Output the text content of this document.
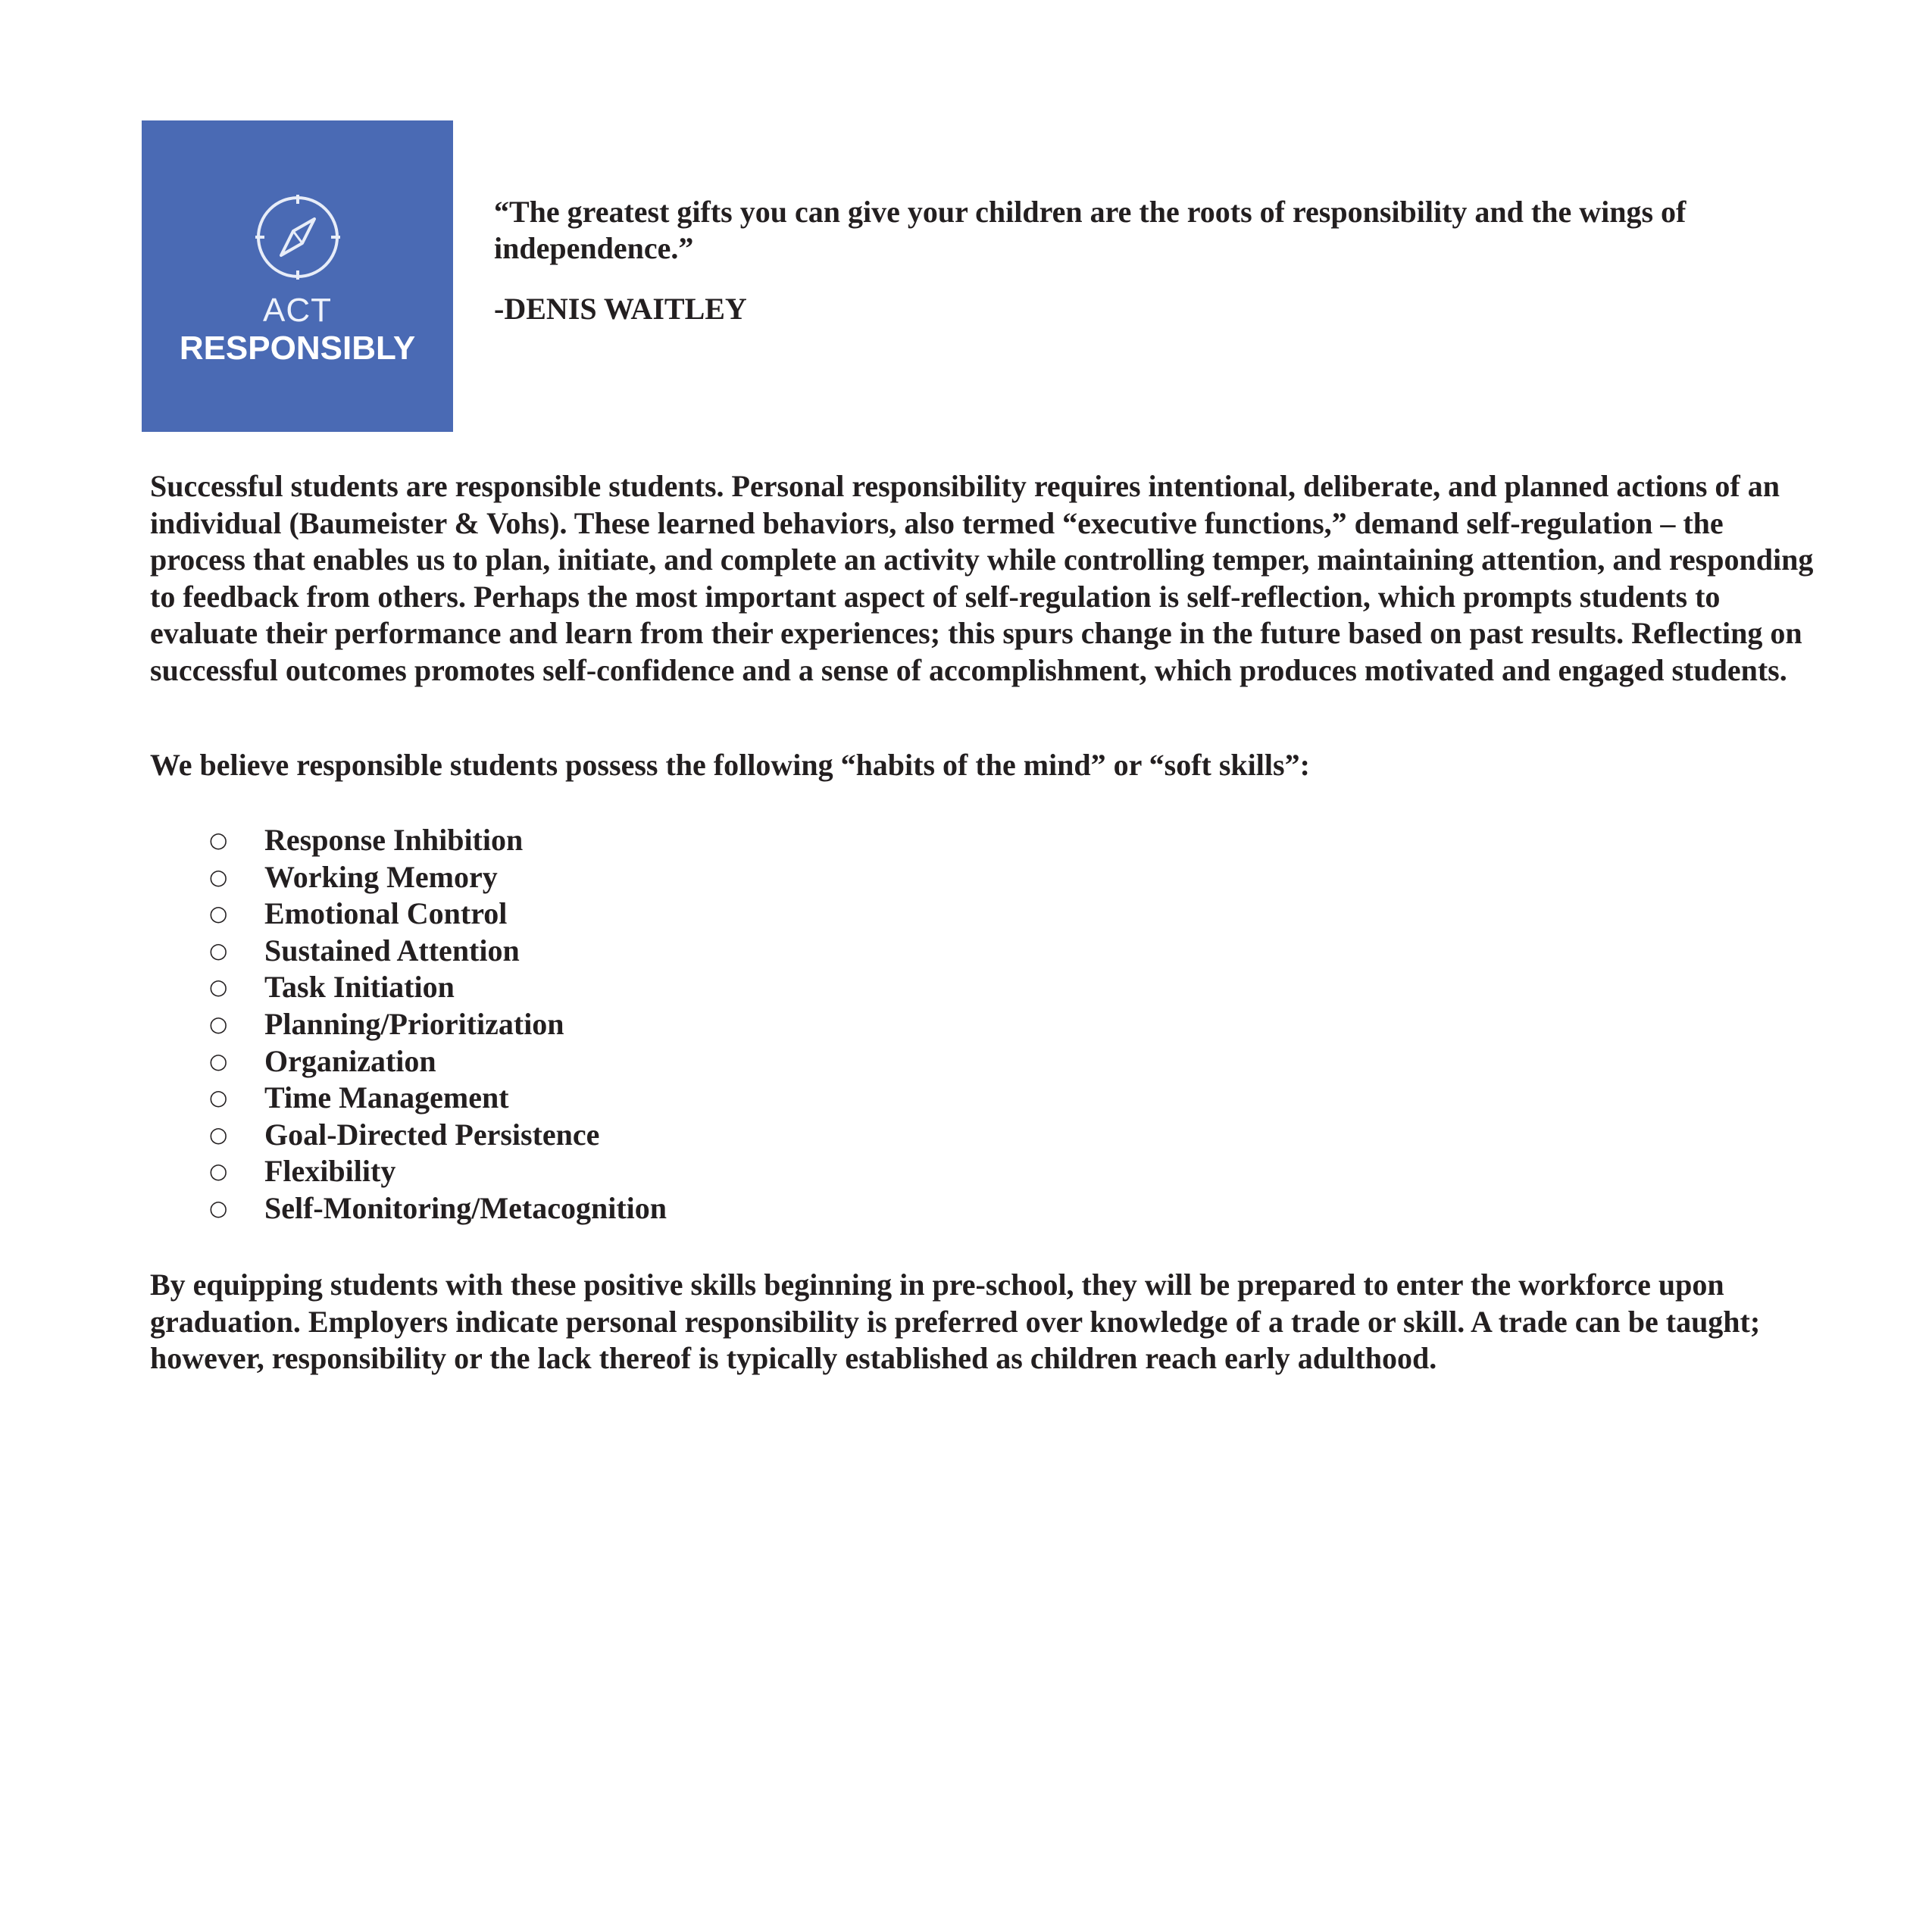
ACT
RESPONSIBLY

“The greatest gifts you can give your children are the roots of responsibility and the wings of independence.”

-DENIS WAITLEY

Successful students are responsible students. Personal responsibility requires intentional, deliberate, and planned actions of an individual (Baumeister & Vohs). These learned behaviors, also termed “executive functions,” demand self-regulation – the process that enables us to plan, initiate, and complete an activity while controlling temper, maintaining attention, and responding to feedback from others. Perhaps the most important aspect of self-regulation is self-reflection, which prompts students to evaluate their performance and learn from their experiences; this spurs change in the future based on past results. Reflecting on successful outcomes promotes self-confidence and a sense of accomplishment, which produces motivated and engaged students.

We believe responsible students possess the following “habits of the mind” or “soft skills”:

○ Response Inhibition
○ Working Memory
○ Emotional Control
○ Sustained Attention
○ Task Initiation
○ Planning/Prioritization
○ Organization
○ Time Management
○ Goal-Directed Persistence
○ Flexibility
○ Self-Monitoring/Metacognition

By equipping students with these positive skills beginning in pre-school, they will be prepared to enter the workforce upon graduation. Employers indicate personal responsibility is preferred over knowledge of a trade or skill. A trade can be taught; however, responsibility or the lack thereof is typically established as children reach early adulthood.
